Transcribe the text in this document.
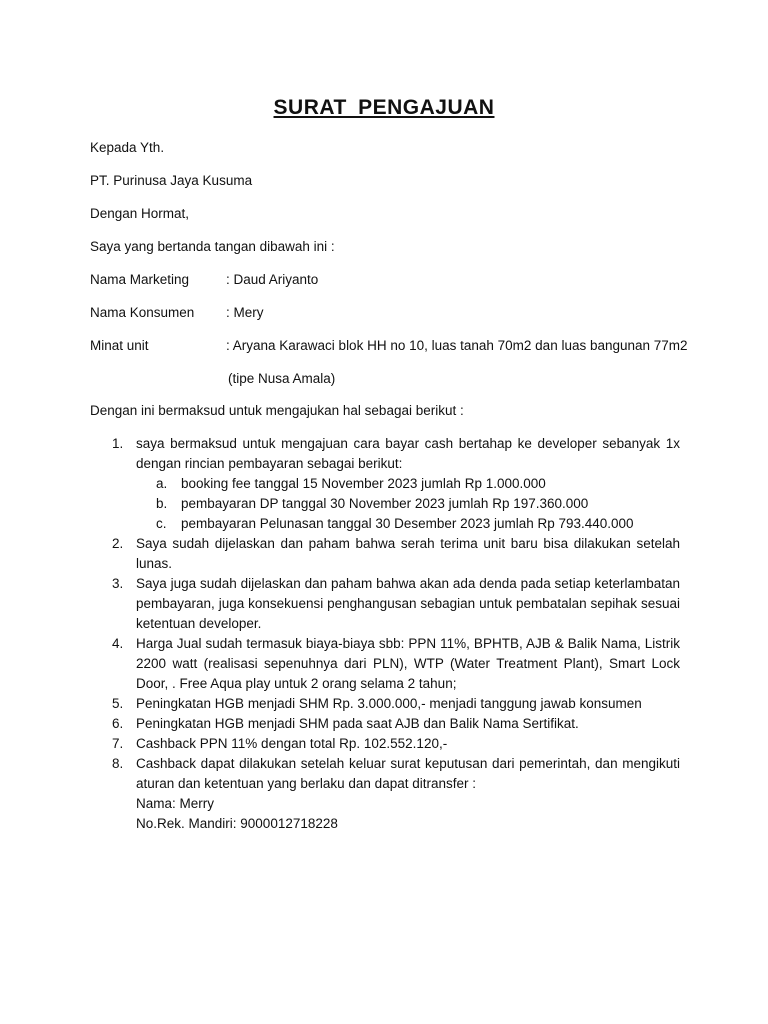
SURAT PENGAJUAN
Kepada Yth.
PT. Purinusa Jaya Kusuma
Dengan Hormat,
Saya yang bertanda tangan dibawah ini :
Nama Marketing	: Daud Ariyanto
Nama Konsumen : Mery
Minat unit	: Aryana Karawaci blok HH no 10, luas tanah 70m2 dan luas bangunan 77m2
(tipe Nusa Amala)
Dengan ini bermaksud untuk mengajukan hal sebagai berikut :
1. saya bermaksud untuk mengajuan cara bayar cash bertahap ke developer sebanyak 1x dengan rincian pembayaran sebagai berikut:
a. booking fee tanggal 15 November 2023 jumlah Rp 1.000.000
b. pembayaran DP tanggal 30 November 2023 jumlah Rp 197.360.000
c. pembayaran Pelunasan tanggal 30 Desember 2023 jumlah Rp 793.440.000
2. Saya sudah dijelaskan dan paham bahwa serah terima unit baru bisa dilakukan setelah lunas.
3. Saya juga sudah dijelaskan dan paham bahwa akan ada denda pada setiap keterlambatan pembayaran, juga konsekuensi penghangusan sebagian untuk pembatalan sepihak sesuai ketentuan developer.
4. Harga Jual sudah termasuk biaya-biaya sbb: PPN 11%, BPHTB, AJB & Balik Nama, Listrik 2200 watt (realisasi sepenuhnya dari PLN), WTP (Water Treatment Plant), Smart Lock Door, . Free Aqua play untuk 2 orang selama 2 tahun;
5. Peningkatan HGB menjadi SHM Rp. 3.000.000,- menjadi tanggung jawab konsumen
6. Peningkatan HGB menjadi SHM pada saat AJB dan Balik Nama Sertifikat.
7. Cashback PPN 11% dengan total Rp. 102.552.120,-
8. Cashback dapat dilakukan setelah keluar surat keputusan dari pemerintah, dan mengikuti aturan dan ketentuan yang berlaku dan dapat ditransfer :
Nama: Merry
No.Rek. Mandiri: 9000012718228
